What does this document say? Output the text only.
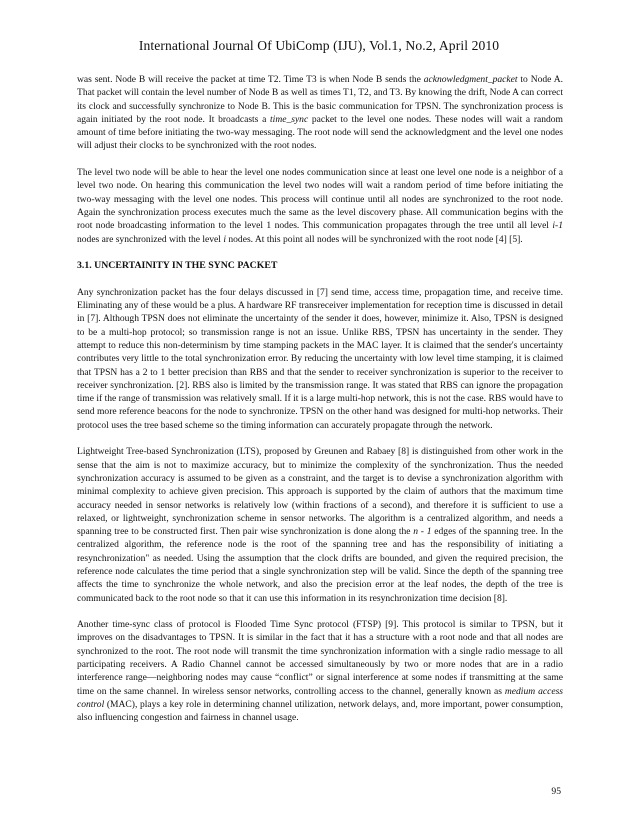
International Journal Of UbiComp (IJU), Vol.1, No.2, April 2010

was sent. Node B will receive the packet at time T2. Time T3 is when Node B sends the acknowledgment_packet to Node A. That packet will contain the level number of Node B as well as times T1, T2, and T3. By knowing the drift, Node A can correct its clock and successfully synchronize to Node B. This is the basic communication for TPSN. The synchronization process is again initiated by the root node. It broadcasts a time_sync packet to the level one nodes. These nodes will wait a random amount of time before initiating the two-way messaging. The root node will send the acknowledgment and the level one nodes will adjust their clocks to be synchronized with the root nodes.

The level two node will be able to hear the level one nodes communication since at least one level one node is a neighbor of a level two node. On hearing this communication the level two nodes will wait a random period of time before initiating the two-way messaging with the level one nodes. This process will continue until all nodes are synchronized to the root node. Again the synchronization process executes much the same as the level discovery phase. All communication begins with the root node broadcasting information to the level 1 nodes. This communication propagates through the tree until all level i-1 nodes are synchronized with the level i nodes. At this point all nodes will be synchronized with the root node [4] [5].

3.1. UNCERTAINITY IN THE SYNC PACKET

Any synchronization packet has the four delays discussed in [7] send time, access time, propagation time, and receive time. Eliminating any of these would be a plus. A hardware RF transreceiver implementation for reception time is discussed in detail in [7]. Although TPSN does not eliminate the uncertainty of the sender it does, however, minimize it. Also, TPSN is designed to be a multi-hop protocol; so transmission range is not an issue. Unlike RBS, TPSN has uncertainty in the sender. They attempt to reduce this non-determinism by time stamping packets in the MAC layer. It is claimed that the sender's uncertainty contributes very little to the total synchronization error. By reducing the uncertainty with low level time stamping, it is claimed that TPSN has a 2 to 1 better precision than RBS and that the sender to receiver synchronization is superior to the receiver to receiver synchronization. [2]. RBS also is limited by the transmission range. It was stated that RBS can ignore the propagation time if the range of transmission was relatively small. If it is a large multi-hop network, this is not the case. RBS would have to send more reference beacons for the node to synchronize. TPSN on the other hand was designed for multi-hop networks. Their protocol uses the tree based scheme so the timing information can accurately propagate through the network.

Lightweight Tree-based Synchronization (LTS), proposed by Greunen and Rabaey [8] is distinguished from other work in the sense that the aim is not to maximize accuracy, but to minimize the complexity of the synchronization. Thus the needed synchronization accuracy is assumed to be given as a constraint, and the target is to devise a synchronization algorithm with minimal complexity to achieve given precision. This approach is supported by the claim of authors that the maximum time accuracy needed in sensor networks is relatively low (within fractions of a second), and therefore it is sufficient to use a relaxed, or lightweight, synchronization scheme in sensor networks. The algorithm is a centralized algorithm, and needs a spanning tree to be constructed first. Then pair wise synchronization is done along the n - 1 edges of the spanning tree. In the centralized algorithm, the reference node is the root of the spanning tree and has the responsibility of initiating a resynchronization" as needed. Using the assumption that the clock drifts are bounded, and given the required precision, the reference node calculates the time period that a single synchronization step will be valid. Since the depth of the spanning tree affects the time to synchronize the whole network, and also the precision error at the leaf nodes, the depth of the tree is communicated back to the root node so that it can use this information in its resynchronization time decision [8].

Another time-sync class of protocol is Flooded Time Sync protocol (FTSP) [9]. This protocol is similar to TPSN, but it improves on the disadvantages to TPSN. It is similar in the fact that it has a structure with a root node and that all nodes are synchronized to the root. The root node will transmit the time synchronization information with a single radio message to all participating receivers. A Radio Channel cannot be accessed simultaneously by two or more nodes that are in a radio interference range—neighboring nodes may cause “conflict” or signal interference at some nodes if transmitting at the same time on the same channel. In wireless sensor networks, controlling access to the channel, generally known as medium access control (MAC), plays a key role in determining channel utilization, network delays, and, more important, power consumption, also influencing congestion and fairness in channel usage.

95
